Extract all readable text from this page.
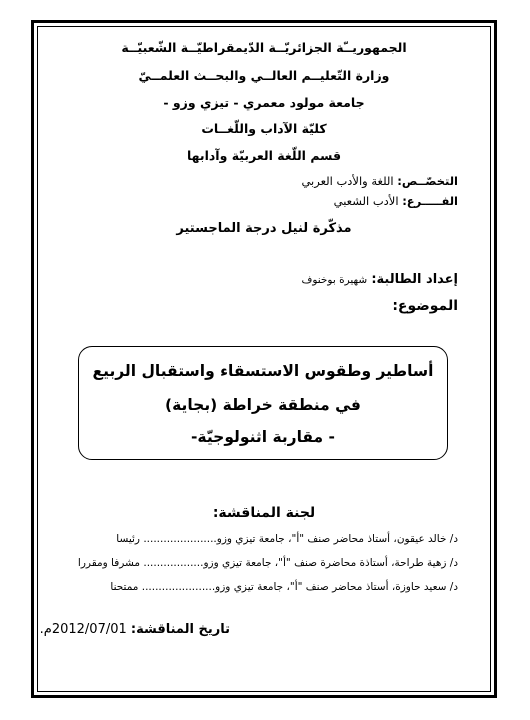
الجمهوريــّة الجزائريّــة الدّيمقراطيّــة الشّعبيّــة
وزارة التّعليــم العالــي والبحــث العلمــيّ
جامعة مولود معمري - تيزي وزو -
كليّة الآداب واللّغــات
قسم اللّغة العربيّة وآدابها
التخصّــص: اللغة والأدب العربي
الفـــــرع: الأدب الشعبي
مذكّرة لنيل درجة الماجستير
إعداد الطالبة: شهيرة بوخنوف
الموضوع:
أساطير وطقوس الاستسقاء واستقبال الربيع
في منطقة خراطة (بجاية)
- مقاربة اثنولوجيّة-
لجنة المناقشة:
د/ خالد عيقون، أستاذ محاضر صنف "أ"، جامعة تيزي وزو...................... رئيسا
د/ زهية طراحة، أستاذة محاضرة صنف "أ"، جامعة تيزي وزو.................. مشرفا ومقررا
د/ سعيد حاوزة، أستاذ محاضر صنف "أ"، جامعة تيزي وزو...................... ممتحنا
تاريخ المناقشة: 2012/07/01م.
